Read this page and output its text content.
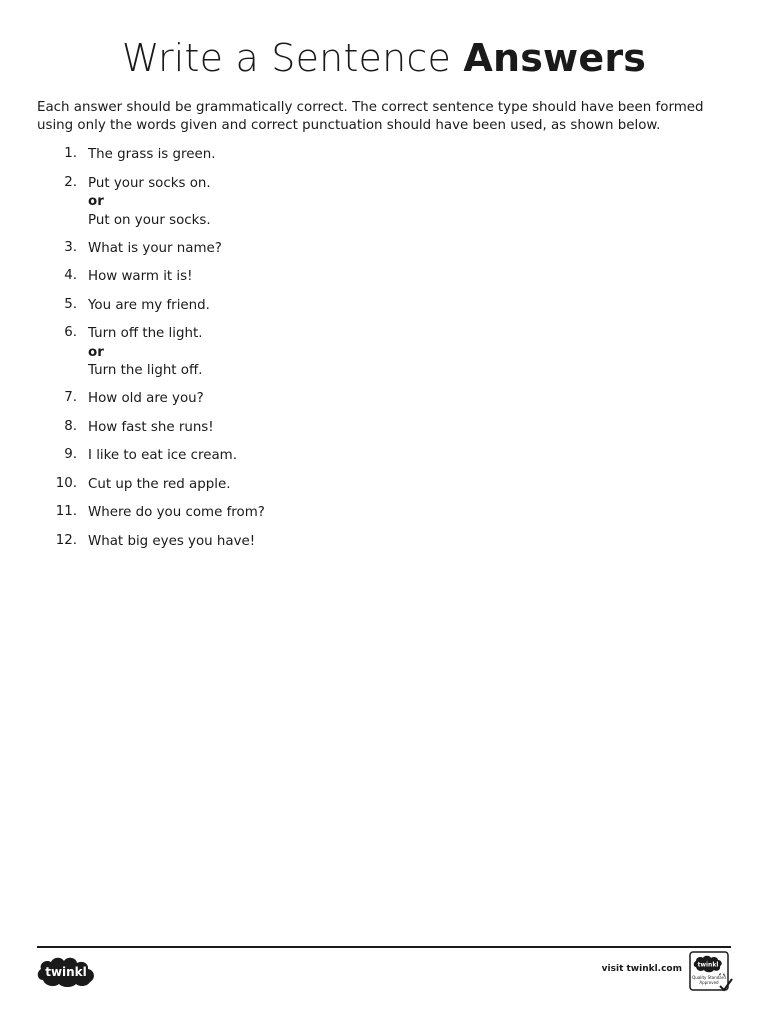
Write a Sentence Answers

Each answer should be grammatically correct. The correct sentence type should have been formed using only the words given and correct punctuation should have been used, as shown below.

1. The grass is green.
2. Put your socks on.
or
Put on your socks.
3. What is your name?
4. How warm it is!
5. You are my friend.
6. Turn off the light.
or
Turn the light off.
7. How old are you?
8. How fast she runs!
9. I like to eat ice cream.
10. Cut up the red apple.
11. Where do you come from?
12. What big eyes you have!
twinkl	visit twinkl.com	twinkl
Quality Standard
Approved
